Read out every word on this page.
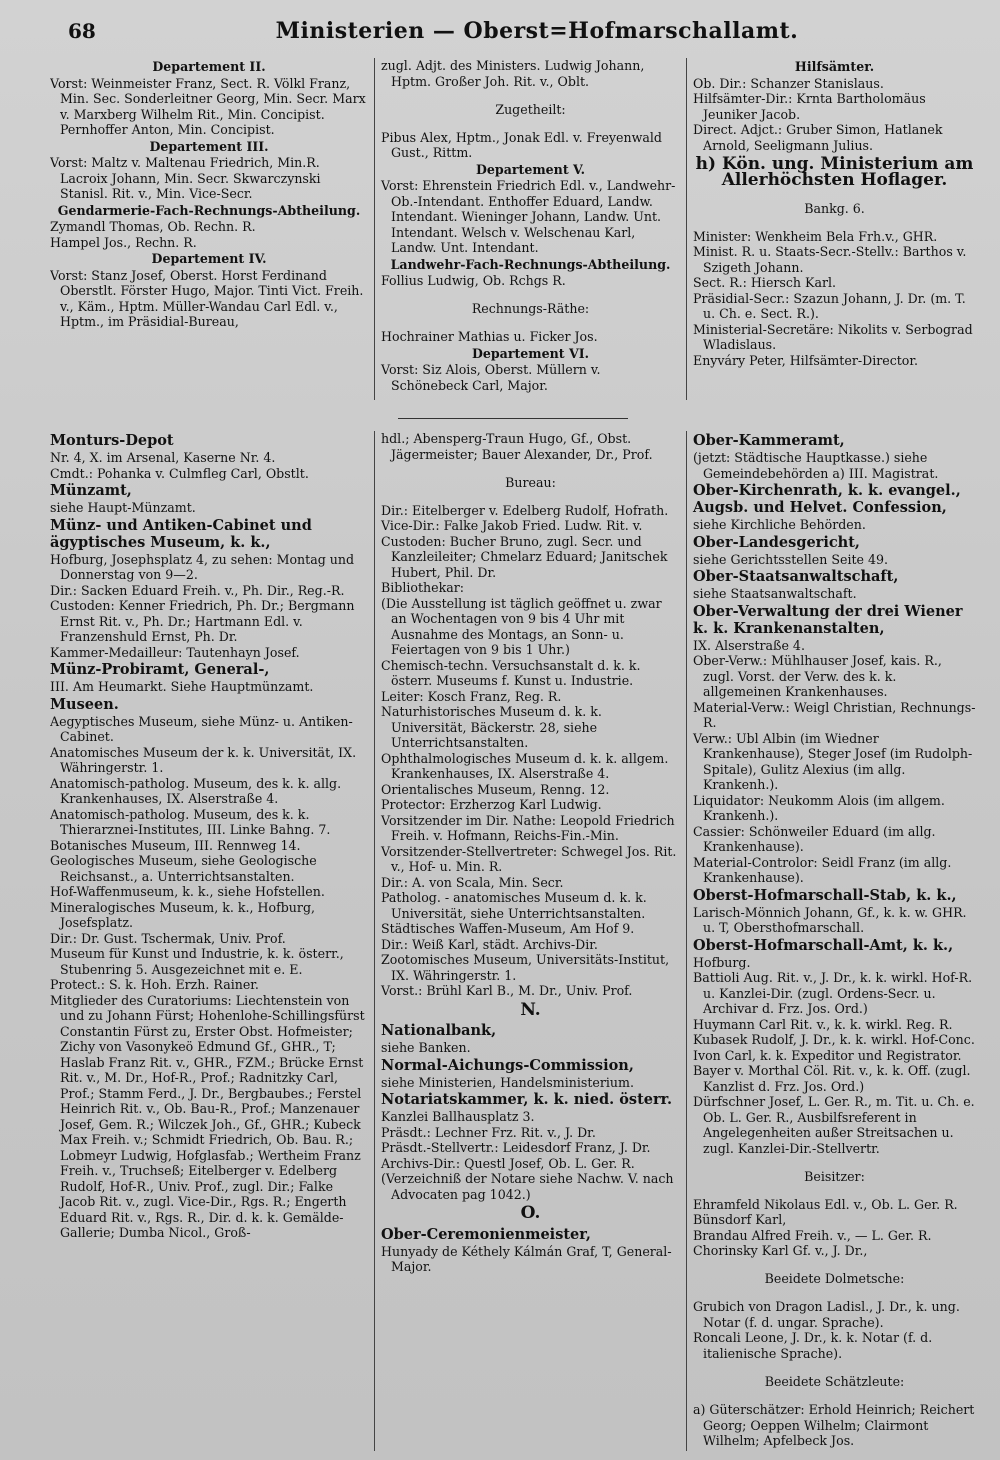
68	Ministerien — Oberst=Hofmarschallamt.

Departement II.

Vorst: Weinmeister Franz, Sect. R. Völkl Franz, Min. Sec. Sonderleitner Georg, Min. Secr. Marx v. Marxberg Wilhelm Rit., Min. Concipist. Pernhoffer Anton, Min. Concipist.

Departement III.

Vorst: Maltz v. Maltenau Friedrich, Min.R. Lacroix Johann, Min. Secr. Skwarczynski Stanisl. Rit. v., Min. Vice-Secr.

Gendarmerie-Fach-Rechnungs-Abtheilung.

Zymandl Thomas, Ob. Rechn. R.

Hampel Jos., Rechn. R.

Departement IV.

Vorst: Stanz Josef, Oberst. Horst Ferdinand Oberstlt. Förster Hugo, Major. Tinti Vict. Freih. v., Käm., Hptm. Müller-Wandau Carl Edl. v., Hptm., im Präsidial-Bureau,

zugl. Adjt. des Ministers. Ludwig Johann, Hptm. Großer Joh. Rit. v., Oblt.

Zugetheilt:

Pibus Alex, Hptm., Jonak Edl. v. Freyenwald Gust., Rittm.

Departement V.

Vorst: Ehrenstein Friedrich Edl. v., Landwehr-Ob.-Intendant. Enthoffer Eduard, Landw. Intendant. Wieninger Johann, Landw. Unt. Intendant. Welsch v. Welschenau Karl, Landw. Unt. Intendant.

Landwehr-Fach-Rechnungs-Abtheilung.

Follius Ludwig, Ob. Rchgs R.

Rechnungs-Räthe:

Hochrainer Mathias u. Ficker Jos.

Departement VI.

Vorst: Siz Alois, Oberst. Müllern v. Schönebeck Carl, Major.

Hilfsämter.

Ob. Dir.: Schanzer Stanislaus.

Hilfsämter-Dir.: Krnta Bartholomäus Jeuniker Jacob.

Direct. Adjct.: Gruber Simon, Hatlanek Arnold, Seeligmann Julius.

h) Kön. ung. Ministerium am Allerhöchsten Hoflager.

Bankg. 6.

Minister: Wenkheim Bela Frh.v., GHR.

Minist. R. u. Staats-Secr.-Stellv.: Barthos v. Szigeth Johann.

Sect. R.: Hiersch Karl.

Präsidial-Secr.: Szazun Johann, J. Dr. (m. T. u. Ch. e. Sect. R.).

Ministerial-Secretäre: Nikolits v. Serbograd Wladislaus.

Enyváry Peter, Hilfsämter-Director.

Monturs-Depot

Nr. 4, X. im Arsenal, Kaserne Nr. 4.

Cmdt.: Pohanka v. Culmfleg Carl, Obstlt.

Münzamt,

siehe Haupt-Münzamt.

Münz- und Antiken-Cabinet und ägyptisches Museum, k. k.,

Hofburg, Josephsplatz 4, zu sehen: Montag und Donnerstag von 9—2.

Dir.: Sacken Eduard Freih. v., Ph. Dir., Reg.-R.

Custoden: Kenner Friedrich, Ph. Dr.; Bergmann Ernst Rit. v., Ph. Dr.; Hartmann Edl. v. Franzenshuld Ernst, Ph. Dr.

Kammer-Medailleur: Tautenhayn Josef.

Münz-Probiramt, General-,

III. Am Heumarkt. Siehe Hauptmünzamt.

Museen.

Aegyptisches Museum, siehe Münz- u. Antiken-Cabinet.

Anatomisches Museum der k. k. Universität, IX. Währingerstr. 1.

Anatomisch-patholog. Museum, des k. k. allg. Krankenhauses, IX. Alserstraße 4.

Anatomisch-patholog. Museum, des k. k. Thierarznei-Institutes, III. Linke Bahng. 7.

Botanisches Museum, III. Rennweg 14.

Geologisches Museum, siehe Geologische Reichsanst., a. Unterrichtsanstalten.

Hof-Waffenmuseum, k. k., siehe Hofstellen.

Mineralogisches Museum, k. k., Hofburg, Josefsplatz.

Dir.: Dr. Gust. Tschermak, Univ. Prof.

Museum für Kunst und Industrie, k. k. österr., Stubenring 5. Ausgezeichnet mit e. E.

Protect.: S. k. Hoh. Erzh. Rainer.

Mitglieder des Curatoriums: Liechtenstein von und zu Johann Fürst; Hohenlohe-Schillingsfürst Constantin Fürst zu, Erster Obst. Hofmeister; Zichy von Vasonykeö Edmund Gf., GHR., T; Haslab Franz Rit. v., GHR., FZM.; Brücke Ernst Rit. v., M. Dr., Hof-R., Prof.; Radnitzky Carl, Prof.; Stamm Ferd., J. Dr., Bergbaubes.; Ferstel Heinrich Rit. v., Ob. Bau-R., Prof.; Manzenauer Josef, Gem. R.; Wilczek Joh., Gf., GHR.; Kubeck Max Freih. v.; Schmidt Friedrich, Ob. Bau. R.; Lobmeyr Ludwig, Hofglasfab.; Wertheim Franz Freih. v., Truchseß; Eitelberger v. Edelberg Rudolf, Hof-R., Univ. Prof., zugl. Dir.; Falke Jacob Rit. v., zugl. Vice-Dir., Rgs. R.; Engerth Eduard Rit. v., Rgs. R., Dir. d. k. k. Gemälde-Gallerie; Dumba Nicol., Groß-

hdl.; Abensperg-Traun Hugo, Gf., Obst. Jägermeister; Bauer Alexander, Dr., Prof.

Bureau:

Dir.: Eitelberger v. Edelberg Rudolf, Hofrath.

Vice-Dir.: Falke Jakob Fried. Ludw. Rit. v.

Custoden: Bucher Bruno, zugl. Secr. und Kanzleileiter; Chmelarz Eduard; Janitschek Hubert, Phil. Dr.

Bibliothekar:

(Die Ausstellung ist täglich geöffnet u. zwar an Wochentagen von 9 bis 4 Uhr mit Ausnahme des Montags, an Sonn- u. Feiertagen von 9 bis 1 Uhr.)

Chemisch-techn. Versuchsanstalt d. k. k. österr. Museums f. Kunst u. Industrie.

Leiter: Kosch Franz, Reg. R.

Naturhistorisches Museum d. k. k. Universität, Bäckerstr. 28, siehe Unterrichtsanstalten.

Ophthalmologisches Museum d. k. k. allgem. Krankenhauses, IX. Alserstraße 4.

Orientalisches Museum, Renng. 12.

Protector: Erzherzog Karl Ludwig.

Vorsitzender im Dir. Nathe: Leopold Friedrich Freih. v. Hofmann, Reichs-Fin.-Min.

Vorsitzender-Stellvertreter: Schwegel Jos. Rit. v., Hof- u. Min. R.

Dir.: A. von Scala, Min. Secr.

Patholog. - anatomisches Museum d. k. k. Universität, siehe Unterrichtsanstalten.

Städtisches Waffen-Museum, Am Hof 9.

Dir.: Weiß Karl, städt. Archivs-Dir.

Zootomisches Museum, Universitäts-Institut, IX. Währingerstr. 1.

Vorst.: Brühl Karl B., M. Dr., Univ. Prof.

N.

Nationalbank,

siehe Banken.

Normal-Aichungs-Commission,

siehe Ministerien, Handelsministerium.

Notariatskammer, k. k. nied. österr.

Kanzlei Ballhausplatz 3.

Präsdt.: Lechner Frz. Rit. v., J. Dr.

Präsdt.-Stellvertr.: Leidesdorf Franz, J. Dr.

Archivs-Dir.: Questl Josef, Ob. L. Ger. R.

(Verzeichniß der Notare siehe Nachw. V. nach Advocaten pag 1042.)

O.

Ober-Ceremonienmeister,

Hunyady de Kéthely Kálmán Graf, T, General-Major.

Ober-Kammeramt,

(jetzt: Städtische Hauptkasse.) siehe Gemeindebehörden a) III. Magistrat.

Ober-Kirchenrath, k. k. evangel., Augsb. und Helvet. Confession,

siehe Kirchliche Behörden.

Ober-Landesgericht,

siehe Gerichtsstellen Seite 49.

Ober-Staatsanwaltschaft,

siehe Staatsanwaltschaft.

Ober-Verwaltung der drei Wiener k. k. Krankenanstalten,

IX. Alserstraße 4.

Ober-Verw.: Mühlhauser Josef, kais. R., zugl. Vorst. der Verw. des k. k. allgemeinen Krankenhauses.

Material-Verw.: Weigl Christian, Rechnungs-R.

Verw.: Ubl Albin (im Wiedner Krankenhause), Steger Josef (im Rudolph-Spitale), Gulitz Alexius (im allg. Krankenh.).

Liquidator: Neukomm Alois (im allgem. Krankenh.).

Cassier: Schönweiler Eduard (im allg. Krankenhause).

Material-Controlor: Seidl Franz (im allg. Krankenhause).

Oberst-Hofmarschall-Stab, k. k.,

Larisch-Mönnich Johann, Gf., k. k. w. GHR. u. T, Obersthofmarschall.

Oberst-Hofmarschall-Amt, k. k.,

Hofburg.

Battioli Aug. Rit. v., J. Dr., k. k. wirkl. Hof-R. u. Kanzlei-Dir. (zugl. Ordens-Secr. u. Archivar d. Frz. Jos. Ord.)

Huymann Carl Rit. v., k. k. wirkl. Reg. R.

Kubasek Rudolf, J. Dr., k. k. wirkl. Hof-Conc.

Ivon Carl, k. k. Expeditor und Registrator.

Bayer v. Morthal Cöl. Rit. v., k. k. Off. (zugl. Kanzlist d. Frz. Jos. Ord.)

Dürfschner Josef, L. Ger. R., m. Tit. u. Ch. e. Ob. L. Ger. R., Ausbilfsreferent in Angelegenheiten außer Streitsachen u. zugl. Kanzlei-Dir.-Stellvertr.

Beisitzer:

Ehramfeld Nikolaus Edl. v., Ob. L. Ger. R.

Bünsdorf Karl,

Brandau Alfred Freih. v., — L. Ger. R.

Chorinsky Karl Gf. v., J. Dr.,

Beeidete Dolmetsche:

Grubich von Dragon Ladisl., J. Dr., k. ung. Notar (f. d. ungar. Sprache).

Roncali Leone, J. Dr., k. k. Notar (f. d. italienische Sprache).

Beeidete Schätzleute:

a) Güterschätzer: Erhold Heinrich; Reichert Georg; Oeppen Wilhelm; Clairmont Wilhelm; Apfelbeck Jos.
